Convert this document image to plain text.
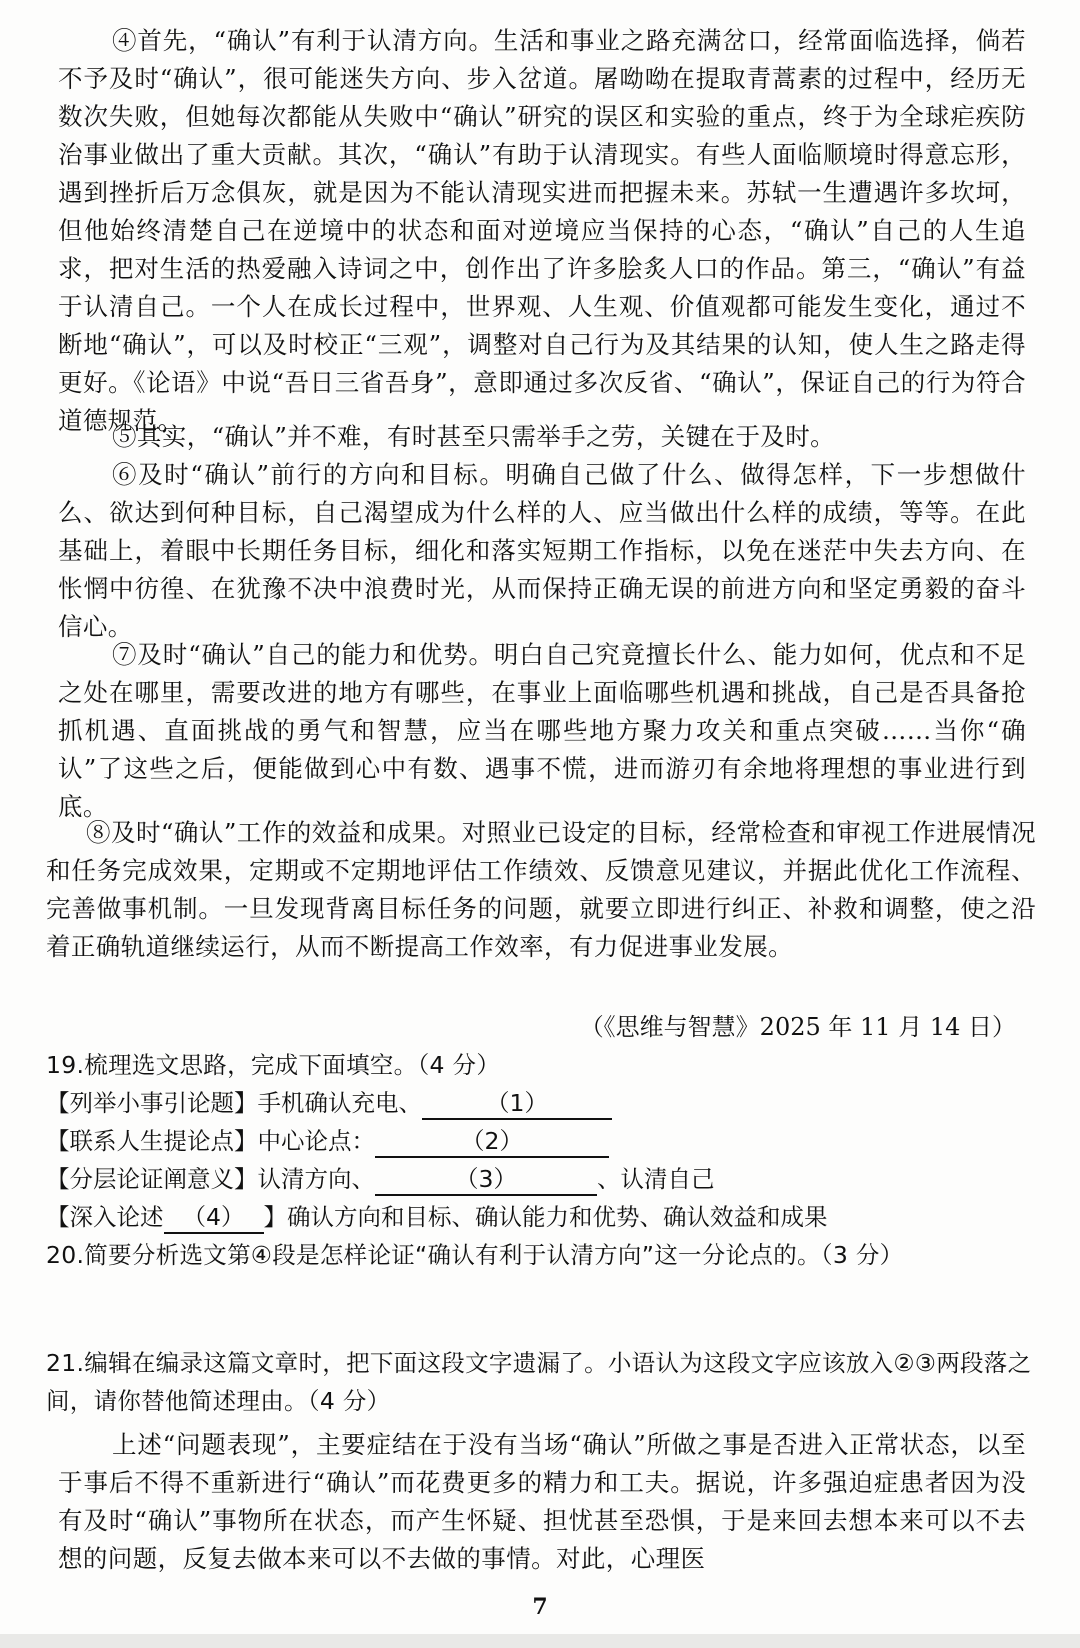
④首先，“确认”有利于认清方向。生活和事业之路充满岔口，经常面临选择，倘若不予及时“确认”，很可能迷失方向、步入岔道。屠呦呦在提取青蒿素的过程中，经历无数次失败，但她每次都能从失败中“确认”研究的误区和实验的重点，终于为全球疟疾防治事业做出了重大贡献。其次，“确认”有助于认清现实。有些人面临顺境时得意忘形，遇到挫折后万念俱灰，就是因为不能认清现实进而把握未来。苏轼一生遭遇许多坎坷，但他始终清楚自己在逆境中的状态和面对逆境应当保持的心态，“确认”自己的人生追求，把对生活的热爱融入诗词之中，创作出了许多脍炙人口的作品。第三，“确认”有益于认清自己。一个人在成长过程中，世界观、人生观、价值观都可能发生变化，通过不断地“确认”，可以及时校正“三观”，调整对自己行为及其结果的认知，使人生之路走得更好。《论语》中说“吾日三省吾身”，意即通过多次反省、“确认”，保证自己的行为符合道德规范。

⑤其实，“确认”并不难，有时甚至只需举手之劳，关键在于及时。

⑥及时“确认”前行的方向和目标。明确自己做了什么、做得怎样，下一步想做什么、欲达到何种目标，自己渴望成为什么样的人、应当做出什么样的成绩，等等。在此基础上，着眼中长期任务目标，细化和落实短期工作指标，以免在迷茫中失去方向、在怅惘中彷徨、在犹豫不决中浪费时光，从而保持正确无误的前进方向和坚定勇毅的奋斗信心。

⑦及时“确认”自己的能力和优势。明白自己究竟擅长什么、能力如何，优点和不足之处在哪里，需要改进的地方有哪些，在事业上面临哪些机遇和挑战，自己是否具备抢抓机遇、直面挑战的勇气和智慧，应当在哪些地方聚力攻关和重点突破……当你“确认”了这些之后，便能做到心中有数、遇事不慌，进而游刃有余地将理想的事业进行到底。

⑧及时“确认”工作的效益和成果。对照业已设定的目标，经常检查和审视工作进展情况和任务完成效果，定期或不定期地评估工作绩效、反馈意见建议，并据此优化工作流程、完善做事机制。一旦发现背离目标任务的问题，就要立即进行纠正、补救和调整，使之沿着正确轨道继续运行，从而不断提高工作效率，有力促进事业发展。

（《思维与智慧》2025 年 11 月 14 日）

19.梳理选文思路，完成下面填空。（4 分）

【列举小事引论题】手机确认充电、	（1）

【联系人生提论点】中心论点：	（2）

【分层论证阐意义】认清方向、	（3）	、认清自己

【深入论述 （4） 】确认方向和目标、确认能力和优势、确认效益和成果

20.简要分析选文第④段是怎样论证“确认有利于认清方向”这一分论点的。（3 分）

21.编辑在编录这篇文章时，把下面这段文字遗漏了。小语认为这段文字应该放入②③两段落之间，请你替他简述理由。（4 分）

上述“问题表现”，主要症结在于没有当场“确认”所做之事是否进入正常状态，以至于事后不得不重新进行“确认”而花费更多的精力和工夫。据说，许多强迫症患者因为没有及时“确认”事物所在状态，而产生怀疑、担忧甚至恐惧，于是来回去想本来可以不去想的问题，反复去做本来可以不去做的事情。对此，心理医

7
